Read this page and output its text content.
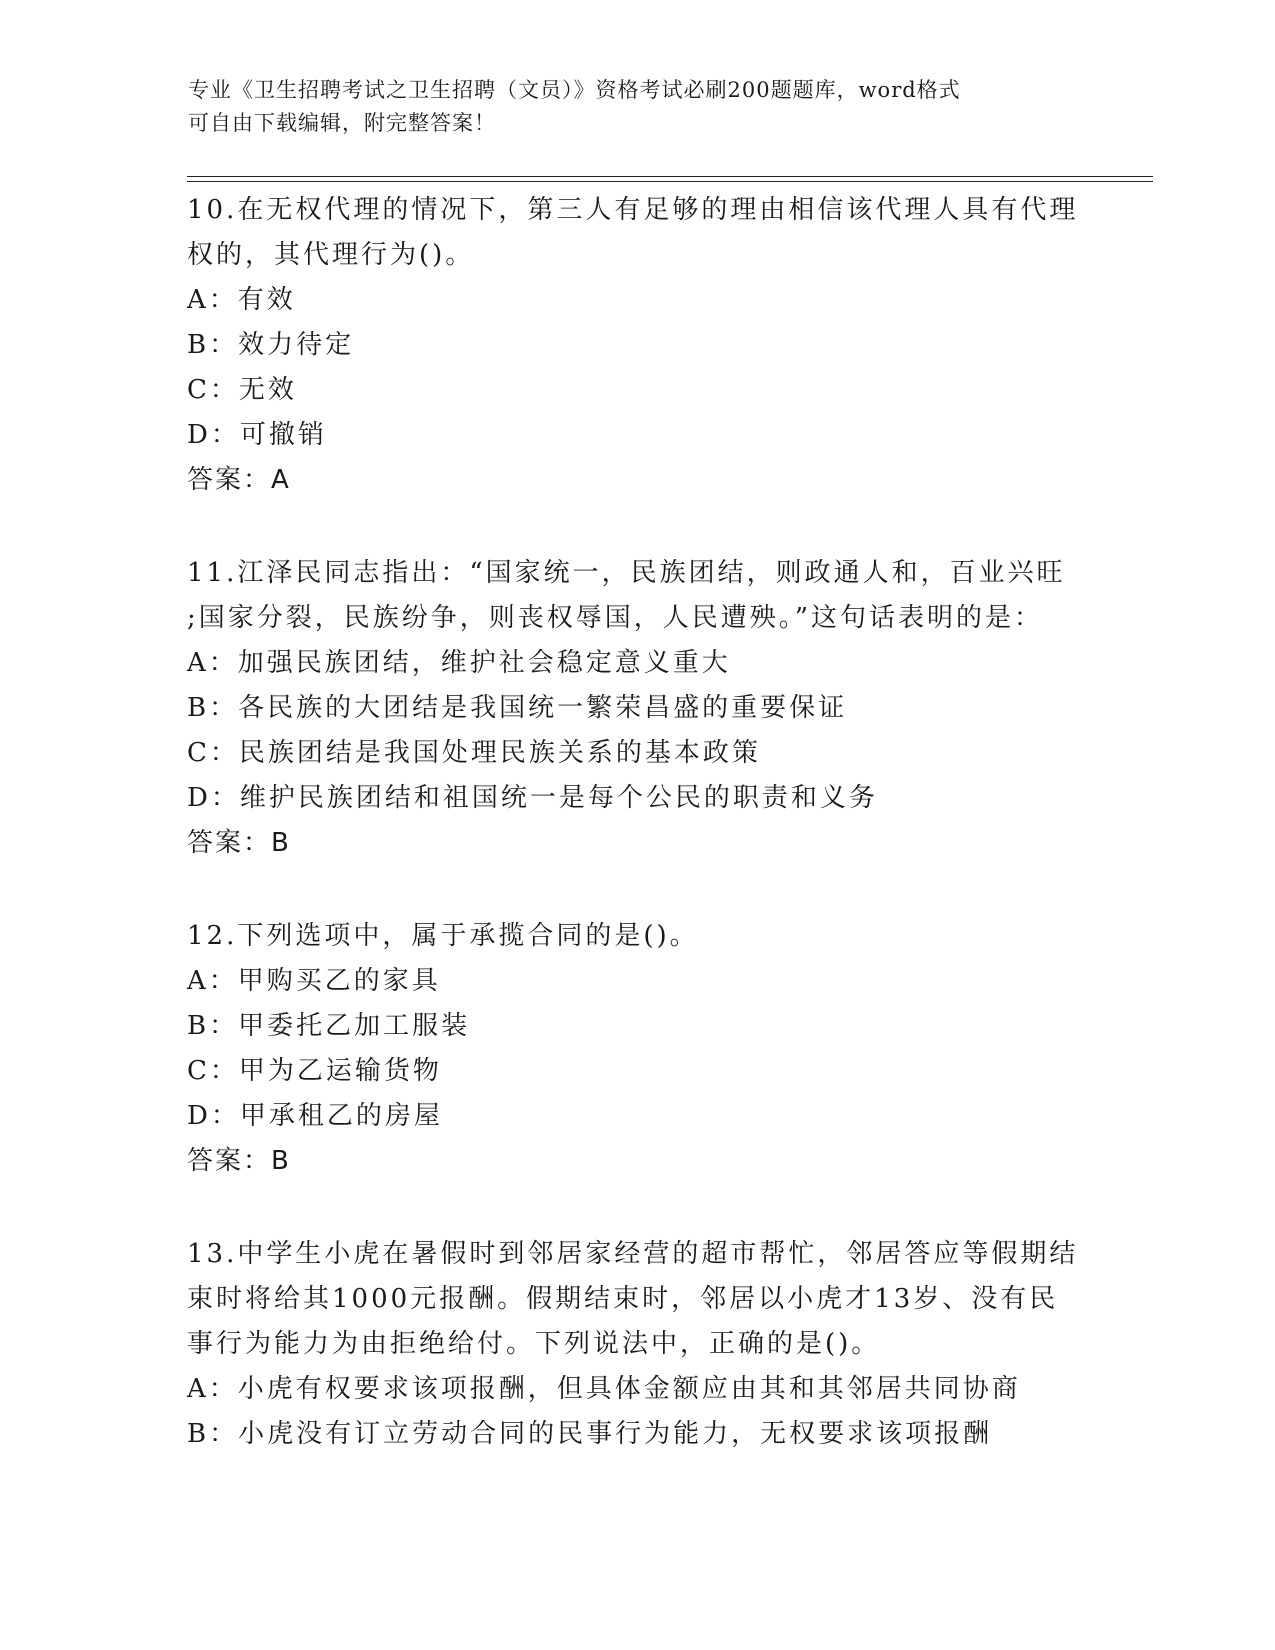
专业《卫生招聘考试之卫生招聘（文员）》资格考试必刷200题题库，word格式
可自由下载编辑，附完整答案！
10.在无权代理的情况下，第三人有足够的理由相信该代理人具有代理
权的，其代理行为()。
A：有效
B：效力待定
C：无效
D：可撤销
答案：A
11.江泽民同志指出：“国家统一，民族团结，则政通人和，百业兴旺
;国家分裂，民族纷争，则丧权辱国，人民遭殃。”这句话表明的是：
A：加强民族团结，维护社会稳定意义重大
B：各民族的大团结是我国统一繁荣昌盛的重要保证
C：民族团结是我国处理民族关系的基本政策
D：维护民族团结和祖国统一是每个公民的职责和义务
答案：B
12.下列选项中，属于承揽合同的是()。
A：甲购买乙的家具
B：甲委托乙加工服装
C：甲为乙运输货物
D：甲承租乙的房屋
答案：B
13.中学生小虎在暑假时到邻居家经营的超市帮忙，邻居答应等假期结
束时将给其1000元报酬。假期结束时，邻居以小虎才13岁、没有民
事行为能力为由拒绝给付。下列说法中，正确的是()。
A：小虎有权要求该项报酬，但具体金额应由其和其邻居共同协商
B：小虎没有订立劳动合同的民事行为能力，无权要求该项报酬
